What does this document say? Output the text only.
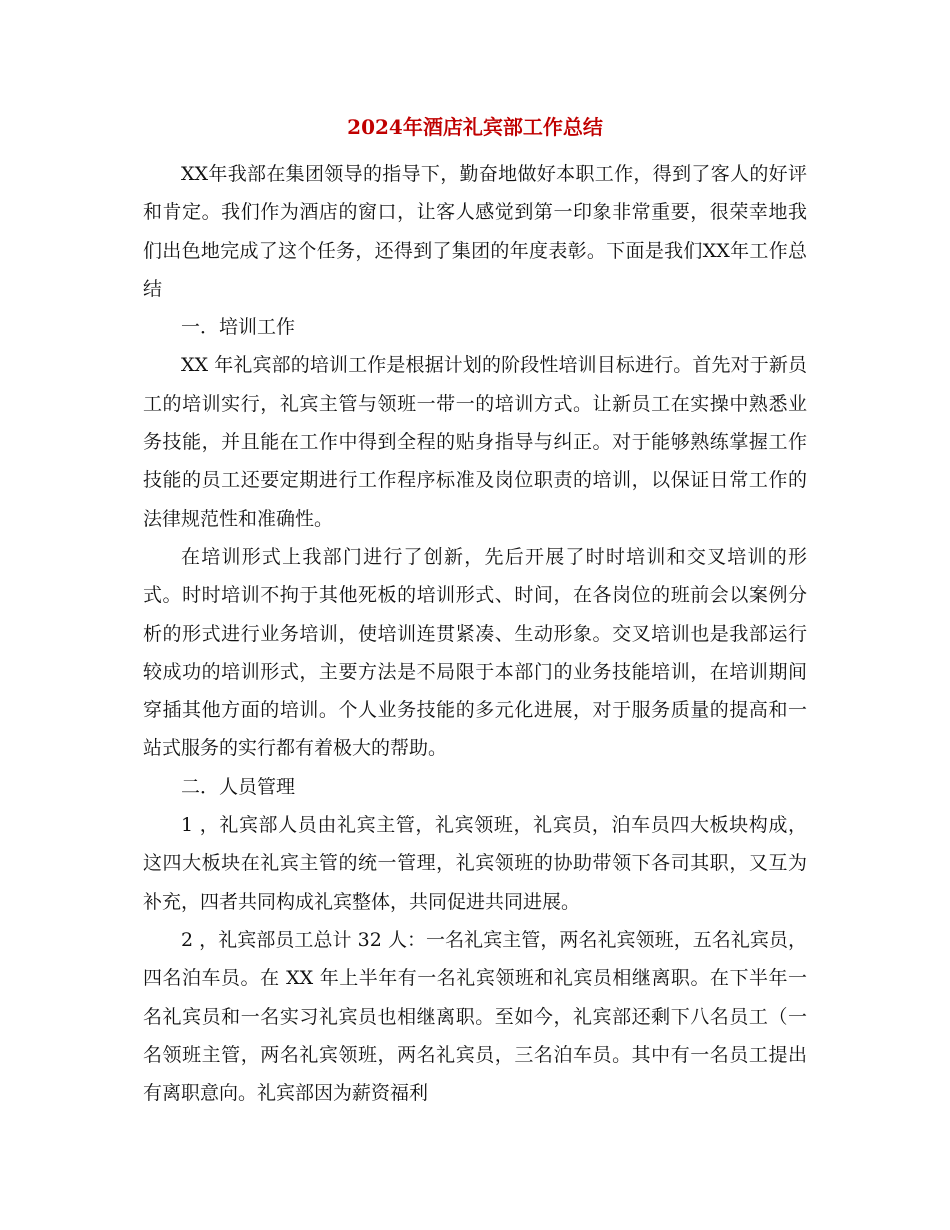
2024年酒店礼宾部工作总结

XX年我部在集团领导的指导下，勤奋地做好本职工作，得到了客人的好评和肯定。我们作为酒店的窗口，让客人感觉到第一印象非常重要，很荣幸地我们出色地完成了这个任务，还得到了集团的年度表彰。下面是我们XX年工作总结

一．培训工作

XX 年礼宾部的培训工作是根据计划的阶段性培训目标进行。首先对于新员工的培训实行，礼宾主管与领班一带一的培训方式。让新员工在实操中熟悉业务技能，并且能在工作中得到全程的贴身指导与纠正。对于能够熟练掌握工作技能的员工还要定期进行工作程序标准及岗位职责的培训，以保证日常工作的法律规范性和准确性。

在培训形式上我部门进行了创新，先后开展了时时培训和交叉培训的形式。时时培训不拘于其他死板的培训形式、时间，在各岗位的班前会以案例分析的形式进行业务培训，使培训连贯紧凑、生动形象。交叉培训也是我部运行较成功的培训形式，主要方法是不局限于本部门的业务技能培训，在培训期间穿插其他方面的培训。个人业务技能的多元化进展，对于服务质量的提高和一站式服务的实行都有着极大的帮助。

二．人员管理

1 ，礼宾部人员由礼宾主管，礼宾领班，礼宾员，泊车员四大板块构成，这四大板块在礼宾主管的统一管理，礼宾领班的协助带领下各司其职，又互为补充，四者共同构成礼宾整体，共同促进共同进展。

2 ，礼宾部员工总计 32 人：一名礼宾主管，两名礼宾领班，五名礼宾员，四名泊车员。在 XX 年上半年有一名礼宾领班和礼宾员相继离职。在下半年一名礼宾员和一名实习礼宾员也相继离职。至如今，礼宾部还剩下八名员工（一名领班主管，两名礼宾领班，两名礼宾员，三名泊车员。其中有一名员工提出有离职意向。礼宾部因为薪资福利
